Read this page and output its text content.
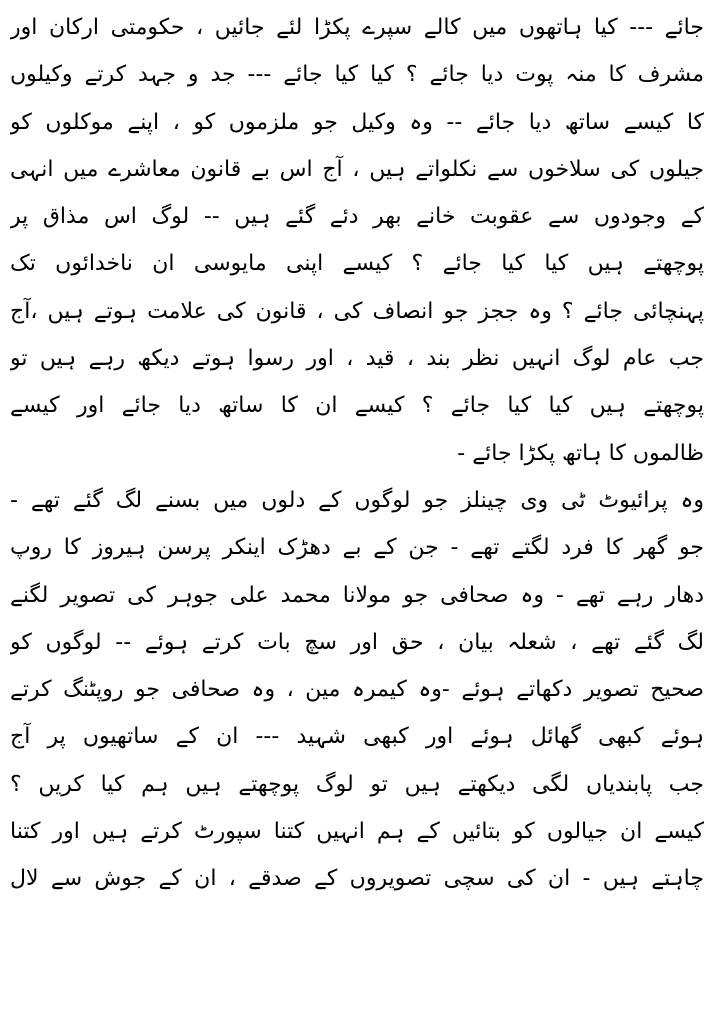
جائے --- کیا ہاتھوں میں کالے سپرے پکڑا لئے جائیں ، حکومتی ارکان اور
مشرف کا منہ پوت دیا جائے ؟ کیا کیا جائے --- جد و جہد کرتے وکیلوں
کا کیسے ساتھ دیا جائے -- وہ وکیل جو ملزموں کو ، اپنے موکلوں کو
جیلوں کی سلاخوں سے نکلواتے ہیں ، آج اس بے قانون معاشرے میں انہی
کے وجودوں سے عقوبت خانے بھر دئے گئے ہیں -- لوگ اس مذاق پر
پوچھتے ہیں کیا کیا جائے ؟ کیسے اپنی مایوسی ان ناخدائوں تک
پہنچائی جائے ؟ وہ ججز جو انصاف کی ، قانون کی علامت ہوتے ہیں ،آج
جب عام لوگ انہیں نظر بند ، قید ، اور رسوا ہوتے دیکھ رہے ہیں تو
پوچھتے ہیں کیا کیا جائے ؟ کیسے ان کا ساتھ دیا جائے اور کیسے
ظالموں کا ہاتھ پکڑا جائے -
وہ پرائیوٹ ٹی وی چینلز جو لوگوں کے دلوں میں بسنے لگ گئے تھے -
جو گھر کا فرد لگتے تھے - جن کے بے دھڑک اینکر پرسن ہیروز کا روپ
دھار رہے تھے - وہ صحافی جو مولانا محمد علی جوہر کی تصویر لگنے
لگ گئے تھے ، شعلہ بیان ، حق اور سچ بات کرتے ہوئے -- لوگوں کو
صحیح تصویر دکھاتے ہوئے -وہ کیمرہ مین ، وہ صحافی جو روپٹنگ کرتے
ہوئے کبھی گھائل ہوئے اور کبھی شہید --- ان کے ساتھیوں پر آج
جب پابندیاں لگی دیکھتے ہیں تو لوگ پوچھتے ہیں ہم کیا کریں ؟
کیسے ان جیالوں کو بتائیں کے ہم انہیں کتنا سپورٹ کرتے ہیں اور کتنا
چاہتے ہیں - ان کی سچی تصویروں کے صدقے ، ان کے جوش سے لال
